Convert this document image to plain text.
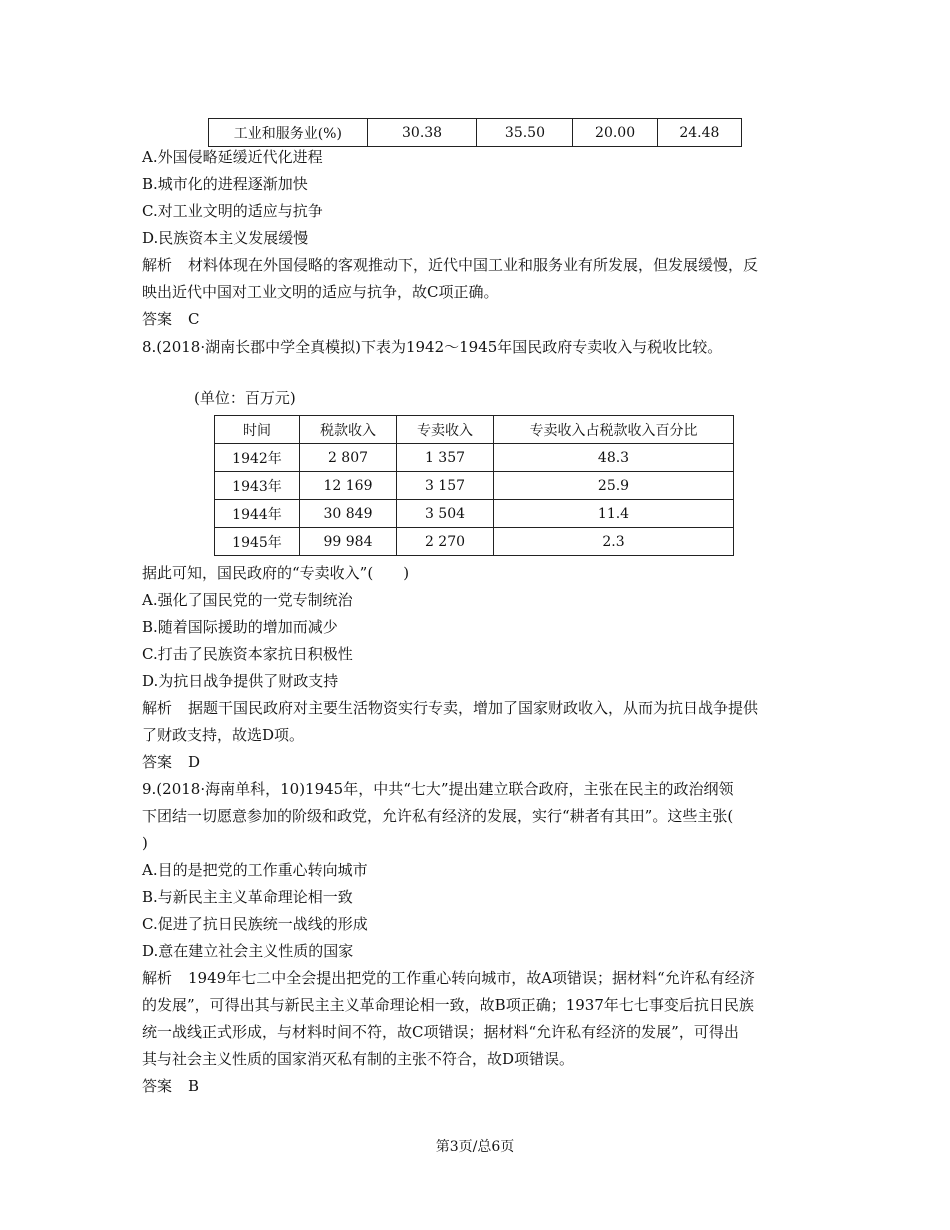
工业和服务业(%)	30.38	35.50	20.00	24.48
A.外国侵略延缓近代化进程
B.城市化的进程逐渐加快
C.对工业文明的适应与抗争
D.民族资本主义发展缓慢
解析 材料体现在外国侵略的客观推动下，近代中国工业和服务业有所发展，但发展缓慢，反
映出近代中国对工业文明的适应与抗争，故C项正确。
答案 C
8.(2018·湖南长郡中学全真模拟)下表为1942～1945年国民政府专卖收入与税收比较。
(单位：百万元)
时间	税款收入	专卖收入	专卖收入占税款收入百分比
1942年	2 807	1 357	48.3
1943年	12 169	3 157	25.9
1944年	30 849	3 504	11.4
1945年	99 984	2 270	2.3
据此可知，国民政府的“专卖收入”(　　)
A.强化了国民党的一党专制统治
B.随着国际援助的增加而减少
C.打击了民族资本家抗日积极性
D.为抗日战争提供了财政支持
解析 据题干国民政府对主要生活物资实行专卖，增加了国家财政收入，从而为抗日战争提供
了财政支持，故选D项。
答案 D
9.(2018·海南单科，10)1945年，中共“七大”提出建立联合政府，主张在民主的政治纲领
下团结一切愿意参加的阶级和政党，允许私有经济的发展，实行“耕者有其田”。这些主张(
)
A.目的是把党的工作重心转向城市
B.与新民主主义革命理论相一致
C.促进了抗日民族统一战线的形成
D.意在建立社会主义性质的国家
解析 1949年七二中全会提出把党的工作重心转向城市，故A项错误；据材料“允许私有经济
的发展”，可得出其与新民主主义革命理论相一致，故B项正确；1937年七七事变后抗日民族
统一战线正式形成，与材料时间不符，故C项错误；据材料“允许私有经济的发展”，可得出
其与社会主义性质的国家消灭私有制的主张不符合，故D项错误。
答案 B
第3页/总6页
